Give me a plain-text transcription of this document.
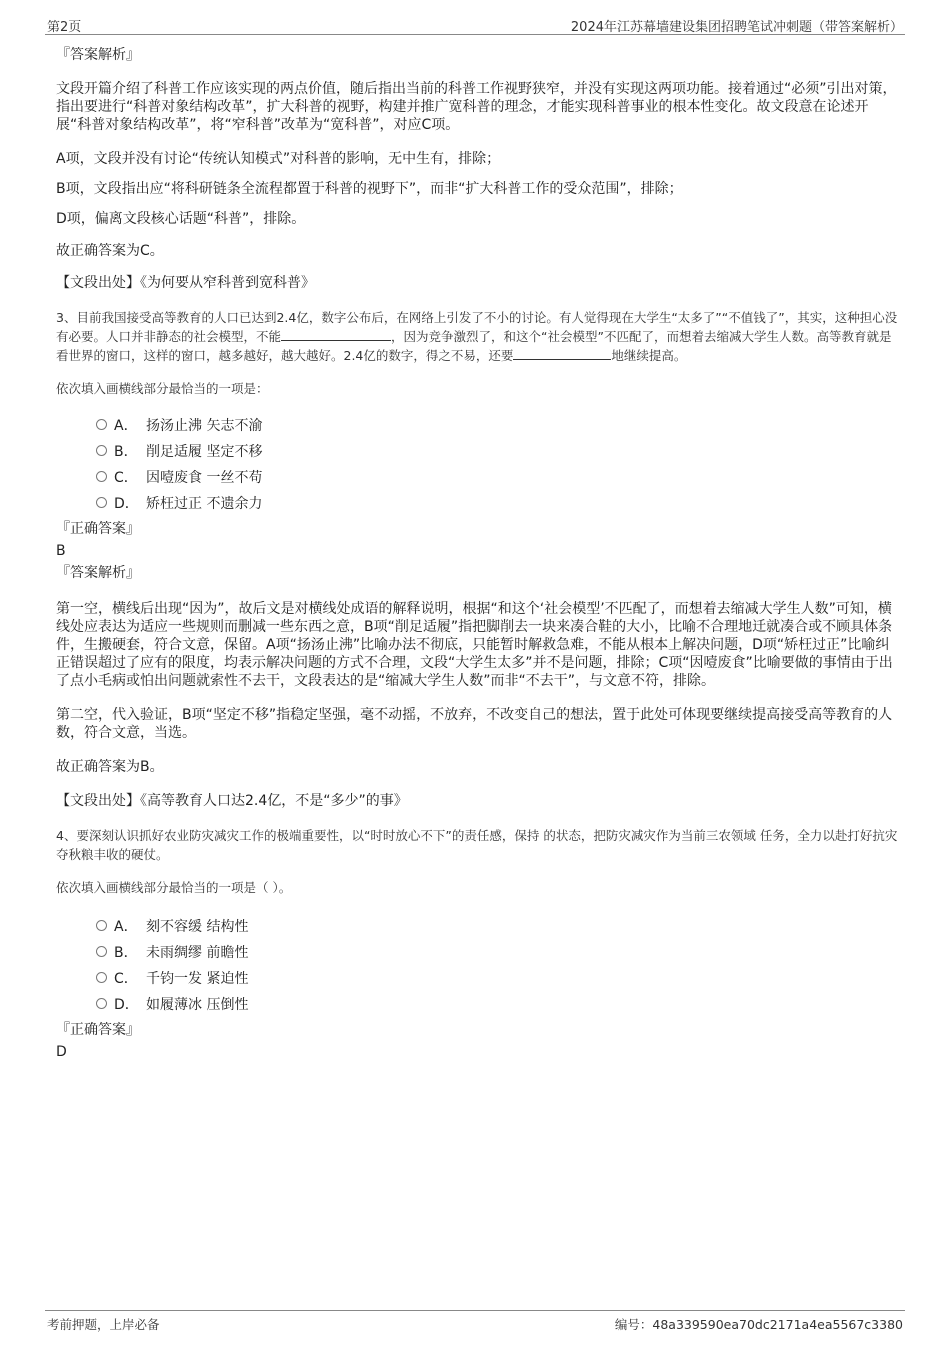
第2页	2024年江苏幕墙建设集团招聘笔试冲刺题（带答案解析）

『答案解析』

文段开篇介绍了科普工作应该实现的两点价值，随后指出当前的科普工作视野狭窄，并没有实现这两项功能。接着通过“必须”引出对策，指出要进行“科普对象结构改革”，扩大科普的视野，构建并推广宽科普的理念，才能实现科普事业的根本性变化。故文段意在论述开展“科普对象结构改革”，将“窄科普”改革为“宽科普”，对应C项。

A项，文段并没有讨论“传统认知模式”对科普的影响，无中生有，排除；

B项，文段指出应“将科研链条全流程都置于科普的视野下”，而非“扩大科普工作的受众范围”，排除；

D项，偏离文段核心话题“科普”，排除。

故正确答案为C。

【文段出处】《为何要从窄科普到宽科普》

3、目前我国接受高等教育的人口已达到2.4亿，数字公布后，在网络上引发了不小的讨论。有人觉得现在大学生“太多了”“不值钱了”，其实，这种担心没有必要。人口并非静态的社会模型，不能	，因为竞争激烈了，和这个“社会模型”不匹配了，而想着去缩减大学生人数。高等教育就是看世界的窗口，这样的窗口，越多越好，越大越好。2.4亿的数字，得之不易，还要	地继续提高。

依次填入画横线部分最恰当的一项是：

A． 扬汤止沸 矢志不渝
B． 削足适履 坚定不移
C． 因噎废食 一丝不苟
D． 矫枉过正 不遗余力

『正确答案』

B

『答案解析』

第一空，横线后出现“因为”，故后文是对横线处成语的解释说明，根据“和这个‘社会模型’不匹配了，而想着去缩减大学生人数”可知，横线处应表达为适应一些规则而删减一些东西之意，B项“削足适履”指把脚削去一块来凑合鞋的大小，比喻不合理地迁就凑合或不顾具体条件，生搬硬套，符合文意，保留。A项“扬汤止沸”比喻办法不彻底，只能暂时解救急难，不能从根本上解决问题，D项“矫枉过正”比喻纠正错误超过了应有的限度，均表示解决问题的方式不合理，文段“大学生太多”并不是问题，排除；C项“因噎废食”比喻要做的事情由于出了点小毛病或怕出问题就索性不去干，文段表达的是“缩减大学生人数”而非“不去干”，与文意不符，排除。

第二空，代入验证，B项“坚定不移”指稳定坚强，毫不动摇，不放弃，不改变自己的想法，置于此处可体现要继续提高接受高等教育的人数，符合文意，当选。

故正确答案为B。

【文段出处】《高等教育人口达2.4亿，不是“多少”的事》

4、要深刻认识抓好农业防灾减灾工作的极端重要性，以“时时放心不下”的责任感，保持 的状态，把防灾减灾作为当前三农领域 任务，全力以赴打好抗灾夺秋粮丰收的硬仗。

依次填入画横线部分最恰当的一项是（ ）。

A． 刻不容缓 结构性
B． 未雨绸缪 前瞻性
C． 千钧一发 紧迫性
D． 如履薄冰 压倒性

『正确答案』

D

考前押题，上岸必备	编号：48a339590ea70dc2171a4ea5567c3380
